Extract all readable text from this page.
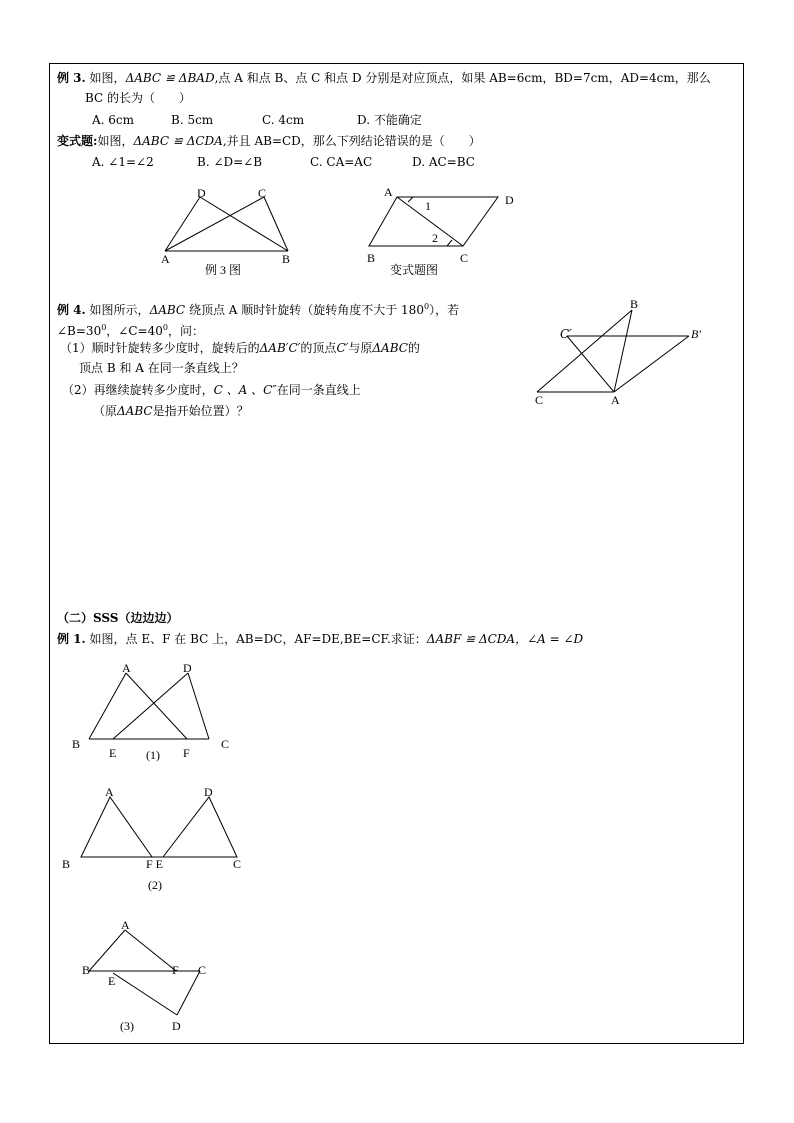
例 3. 如图，ΔABC ≌ ΔBAD,点 A 和点 B、点 C 和点 D 分别是对应顶点，如果 AB=6cm，BD=7cm，AD=4cm，那么
BC 的长为（　　）
A. 6cm	B. 5cm	C. 4cm	D. 不能确定
变式题:如图，ΔABC ≌ ΔCDA,并且 AB=CD，那么下列结论错误的是（　　）
A. ∠1=∠2	B. ∠D=∠B	C. CA=AC	D. AC=BC
D	C
A	B
例 3 图
A
D
B	C
1
2
变式题图
B
C′	B′
C	A
A	D
B
E	F
C
(1)
A	D
B	F E	C
(2)
A
B
E
F C
D
(3)
例 4. 如图所示，ΔABC 绕顶点 A 顺时针旋转（旋转角度不大于 $180^0$），若
$\angle B=30^0$，$\angle C=40^0$，问：
（1）顺时针旋转多少度时，旋转后的ΔAB′C′的顶点C′与原ΔABC的
顶点 B 和 A 在同一条直线上？
（2）再继续旋转多少度时，C 、A 、C″在同一条直线上
（原ΔABC是指开始位置）？
（二）SSS（边边边）
例 1. 如图，点 E、F 在 BC 上，AB=DC，AF=DE,BE=CF.求证：ΔABF ≌ ΔCDA，∠A = ∠D
